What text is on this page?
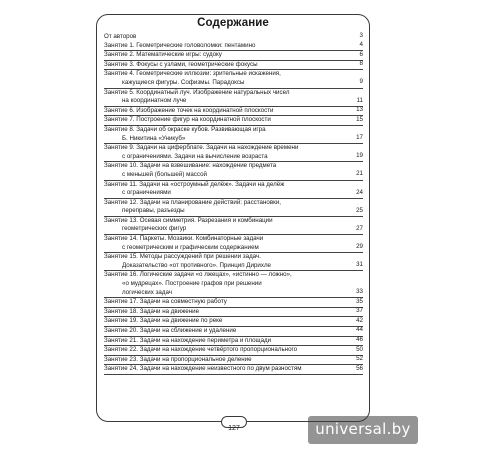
Содержание
От авторов	3
Занятие 1. Геометрические головоломки: пентамино	4
Занятие 2. Математические игры: судоку	6
Занятие 3. Фокусы с узлами, геометрические фокусы	8
Занятие 4. Геометрические иллюзии: зрительные искажения,
кажущиеся фигуры. Софизмы. Парадоксы	9
Занятие 5. Координатный луч. Изображение натуральных чисел
на координатном луче	11
Занятие 6. Изображение точек на координатной плоскости	13
Занятие 7. Построение фигур на координатной плоскости	15
Занятие 8. Задачи об окраске кубов. Развивающая игра
Б. Никитина «Уникуб»	17
Занятие 9. Задачи на циферблате. Задачи на нахождение времени
с ограничениями. Задачи на вычисление возраста	19
Занятие 10. Задачи на взвешивание: нахождение предмета
с меньшей (большей) массой	21
Занятие 11. Задачи на «остроумный делёж». Задачи на делёж
с ограничениями	24
Занятие 12. Задачи на планирование действий: расстановки,
переправы, разъезды	25
Занятие 13. Осевая симметрия. Разрезания и комбинации
геометрических фигур	27
Занятие 14. Паркеты. Мозаики. Комбинаторные задачи
с геометрическим и графическим содержанием	29
Занятие 15. Методы рассуждений при решении задач.
Доказательство «от противного». Принцип Дирихле	31
Занятие 16. Логические задачи «о лжецах», «истинно — ложно»,
«о мудрецах». Построение графов при решении
логических задач	33
Занятие 17. Задачи на совместную работу	35
Занятие 18. Задачи на движение	37
Занятие 19. Задачи на движение по реке	42
Занятие 20. Задачи на сближение и удаление	44
Занятие 21. Задачи на нахождение периметра и площади	46
Занятие 22. Задачи на нахождение четвёртого пропорционального	50
Занятие 23. Задачи на пропорциональное деление	52
Занятие 24. Задачи на нахождение неизвестного по двум разностям	56
127	universal.by
